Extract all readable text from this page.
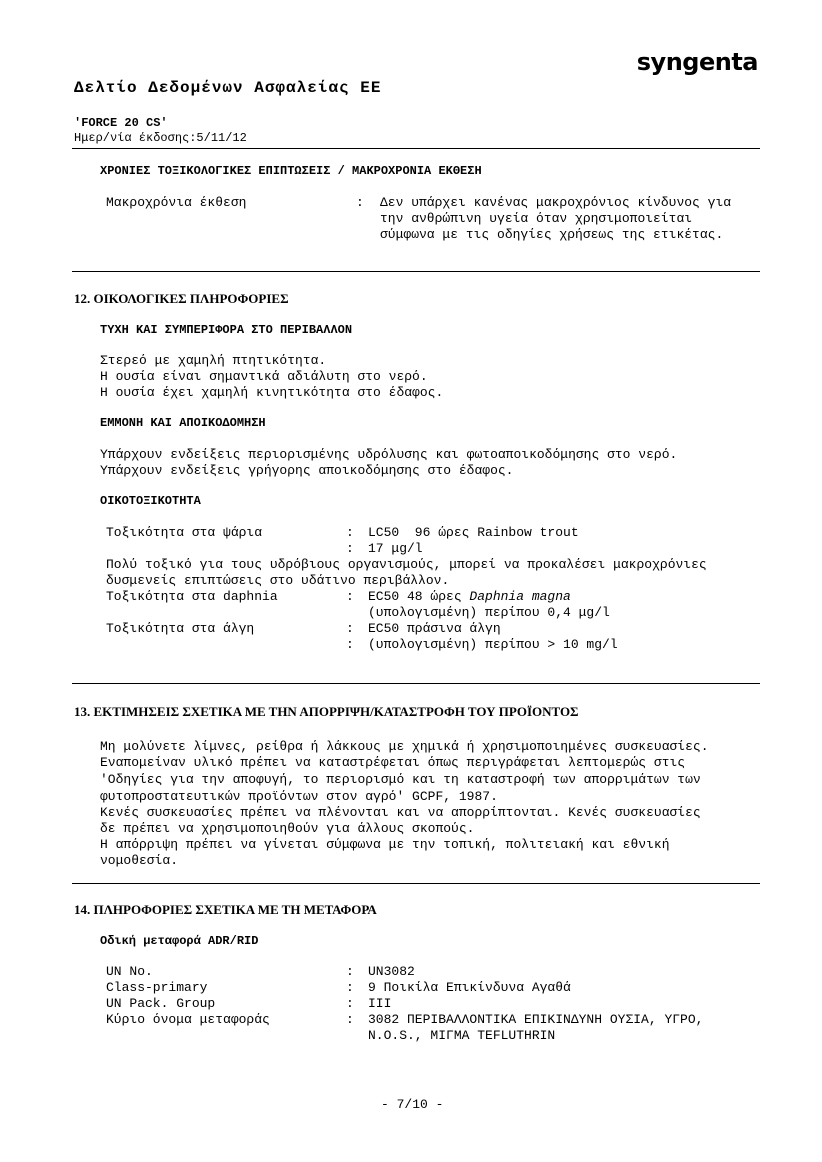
syngenta
Δελτίο Δεδομένων Ασφαλείας ΕΕ
'FORCE 20 CS'
Ημερ/νία έκδοσης:5/11/12
ΧΡΟΝΙΕΣ ΤΟΞΙΚΟΛΟΓΙΚΕΣ ΕΠΙΠΤΩΣΕΙΣ / ΜΑΚΡΟΧΡΟΝΙΑ ΕΚΘΕΣΗ
Μακροχρόνια έκθεση	: Δεν υπάρχει κανένας μακροχρόνιος κίνδυνος για
την ανθρώπινη υγεία όταν χρησιμοποιείται
σύμφωνα με τις οδηγίες χρήσεως της ετικέτας.
12. ΟΙΚΟΛΟΓΙΚΕΣ ΠΛΗΡΟΦΟΡΙΕΣ
ΤΥΧΗ ΚΑΙ ΣΥΜΠΕΡΙΦΟΡΑ ΣΤΟ ΠΕΡΙΒΑΛΛΟΝ
Στερεό με χαμηλή πτητικότητα.
Η ουσία είναι σημαντικά αδιάλυτη στο νερό.
Η ουσία έχει χαμηλή κινητικότητα στο έδαφος.
ΕΜΜΟΝΗ ΚΑΙ ΑΠΟΙΚΟΔΟΜΗΣΗ
Υπάρχουν ενδείξεις περιορισμένης υδρόλυσης και φωτοαποικοδόμησης στο νερό.
Υπάρχουν ενδείξεις γρήγορης αποικοδόμησης στο έδαφος.
ΟΙΚΟΤΟΞΙΚΟΤΗΤΑ
Τοξικότητα στα ψάρια	: LC50  96 ώρες Rainbow trout
: 17 μg/l
Πολύ τοξικό για τους υδρόβιους οργανισμούς, μπορεί να προκαλέσει μακροχρόνιες
δυσμενείς επιπτώσεις στο υδάτινο περιβάλλον.
Τοξικότητα στα daphnia	: EC50 48 ώρες Daphnia magna
(υπολογισμένη) περίπου 0,4 μg/l
Τοξικότητα στα άλγη	: EC50 πράσινα άλγη
: (υπολογισμένη) περίπου > 10 mg/l
13. ΕΚΤΙΜΗΣΕΙΣ ΣΧΕΤΙΚΑ ΜΕ ΤΗΝ ΑΠΟΡΡΙΨΗ/ΚΑΤΑΣΤΡΟΦΗ ΤΟΥ ΠΡΟΪΟΝΤΟΣ
Μη μολύνετε λίμνες, ρείθρα ή λάκκους με χημικά ή χρησιμοποιημένες συσκευασίες.
Εναπομείναν υλικό πρέπει να καταστρέφεται όπως περιγράφεται λεπτομερώς στις
'Οδηγίες για την αποφυγή, το περιορισμό και τη καταστροφή των απορριμάτων των
φυτοπροστατευτικών προϊόντων στον αγρό' GCPF, 1987.
Κενές συσκευασίες πρέπει να πλένονται και να απορρίπτονται. Κενές συσκευασίες
δε πρέπει να χρησιμοποιηθούν για άλλους σκοπούς.
Η απόρριψη πρέπει να γίνεται σύμφωνα με την τοπική, πολιτειακή και εθνική
νομοθεσία.
14. ΠΛΗΡΟΦΟΡΙΕΣ ΣΧΕΤΙΚΑ ΜΕ ΤΗ ΜΕΤΑΦΟΡΑ
Οδική μεταφορά ADR/RID
UN No.	: UN3082
Class-primary	: 9 Ποικίλα Επικίνδυνα Αγαθά
UN Pack. Group	: III
Κύριο όνομα μεταφοράς	: 3082 ΠΕΡΙΒΑΛΛΟΝΤΙΚΑ ΕΠΙΚΙΝΔΥΝΗ ΟΥΣΙΑ, ΥΓΡΟ,
N.O.S., ΜΙΓΜΑ TEFLUTHRIN
- 7/10 -
